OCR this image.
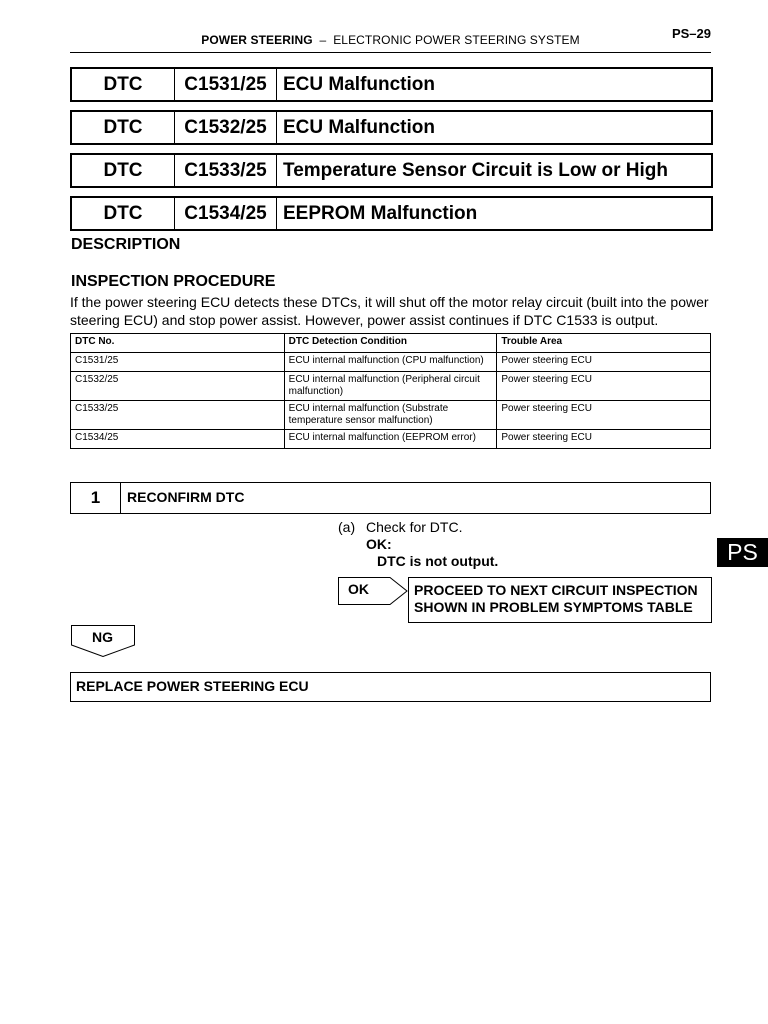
POWER STEERING – ELECTRONIC POWER STEERING SYSTEM	PS–29
DTC	C1531/25 ECU Malfunction
DTC	C1532/25 ECU Malfunction
DTC	C1533/25 Temperature Sensor Circuit is Low or High
DTC	C1534/25 EEPROM Malfunction
DESCRIPTION
INSPECTION PROCEDURE
If the power steering ECU detects these DTCs, it will shut off the motor relay circuit (built into the power
steering ECU) and stop power assist. However, power assist continues if DTC C1533 is output.
DTC No.	DTC Detection Condition	Trouble Area
C1531/25	ECU internal malfunction (CPU malfunction)	Power steering ECU
C1532/25	ECU internal malfunction (Peripheral circuit malfunction)	Power steering ECU
C1533/25	ECU internal malfunction (Substrate temperature sensor malfunction)	Power steering ECU
C1534/25	ECU internal malfunction (EEPROM error)	Power steering ECU
1	RECONFIRM DTC
(a) Check for DTC.
OK:
DTC is not output.	PS
OK	PROCEED TO NEXT CIRCUIT INSPECTION
SHOWN IN PROBLEM SYMPTOMS TABLE
NG
REPLACE POWER STEERING ECU
